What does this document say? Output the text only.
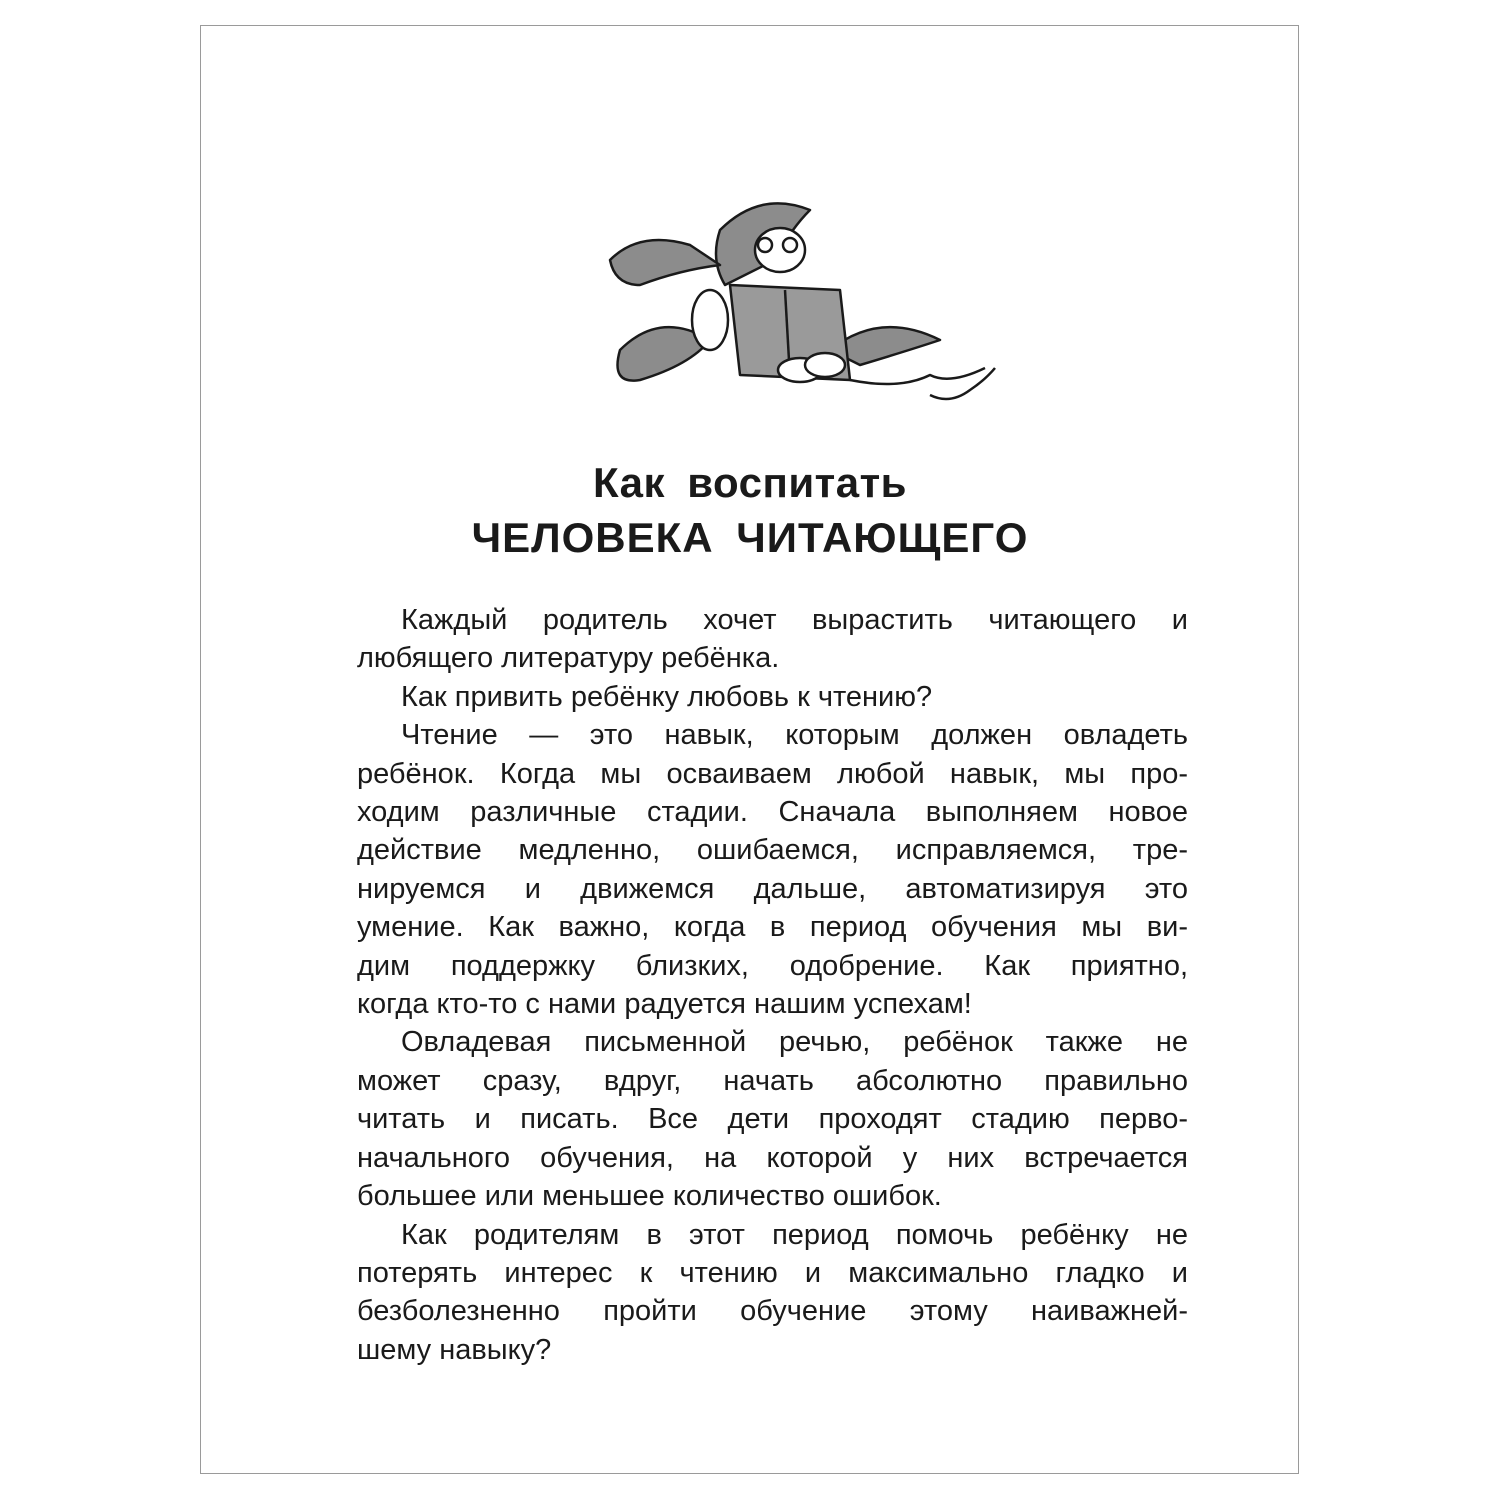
Как воспитать
ЧЕЛОВЕКА ЧИТАЮЩЕГО
Каждый родитель хочет вырастить читающего и
любящего литературу ребёнка.
Как привить ребёнку любовь к чтению?
Чтение — это навык, которым должен овладеть
ребёнок. Когда мы осваиваем любой навык, мы про-
ходим различные стадии. Сначала выполняем новое
действие медленно, ошибаемся, исправляемся, тре-
нируемся и движемся дальше, автоматизируя это
умение. Как важно, когда в период обучения мы ви-
дим поддержку близких, одобрение. Как приятно,
когда кто-то с нами радуется нашим успехам!
Овладевая письменной речью, ребёнок также не
может сразу, вдруг, начать абсолютно правильно
читать и писать. Все дети проходят стадию перво-
начального обучения, на которой у них встречается
большее или меньшее количество ошибок.
Как родителям в этот период помочь ребёнку не
потерять интерес к чтению и максимально гладко и
безболезненно пройти обучение этому наиважней-
шему навыку?
